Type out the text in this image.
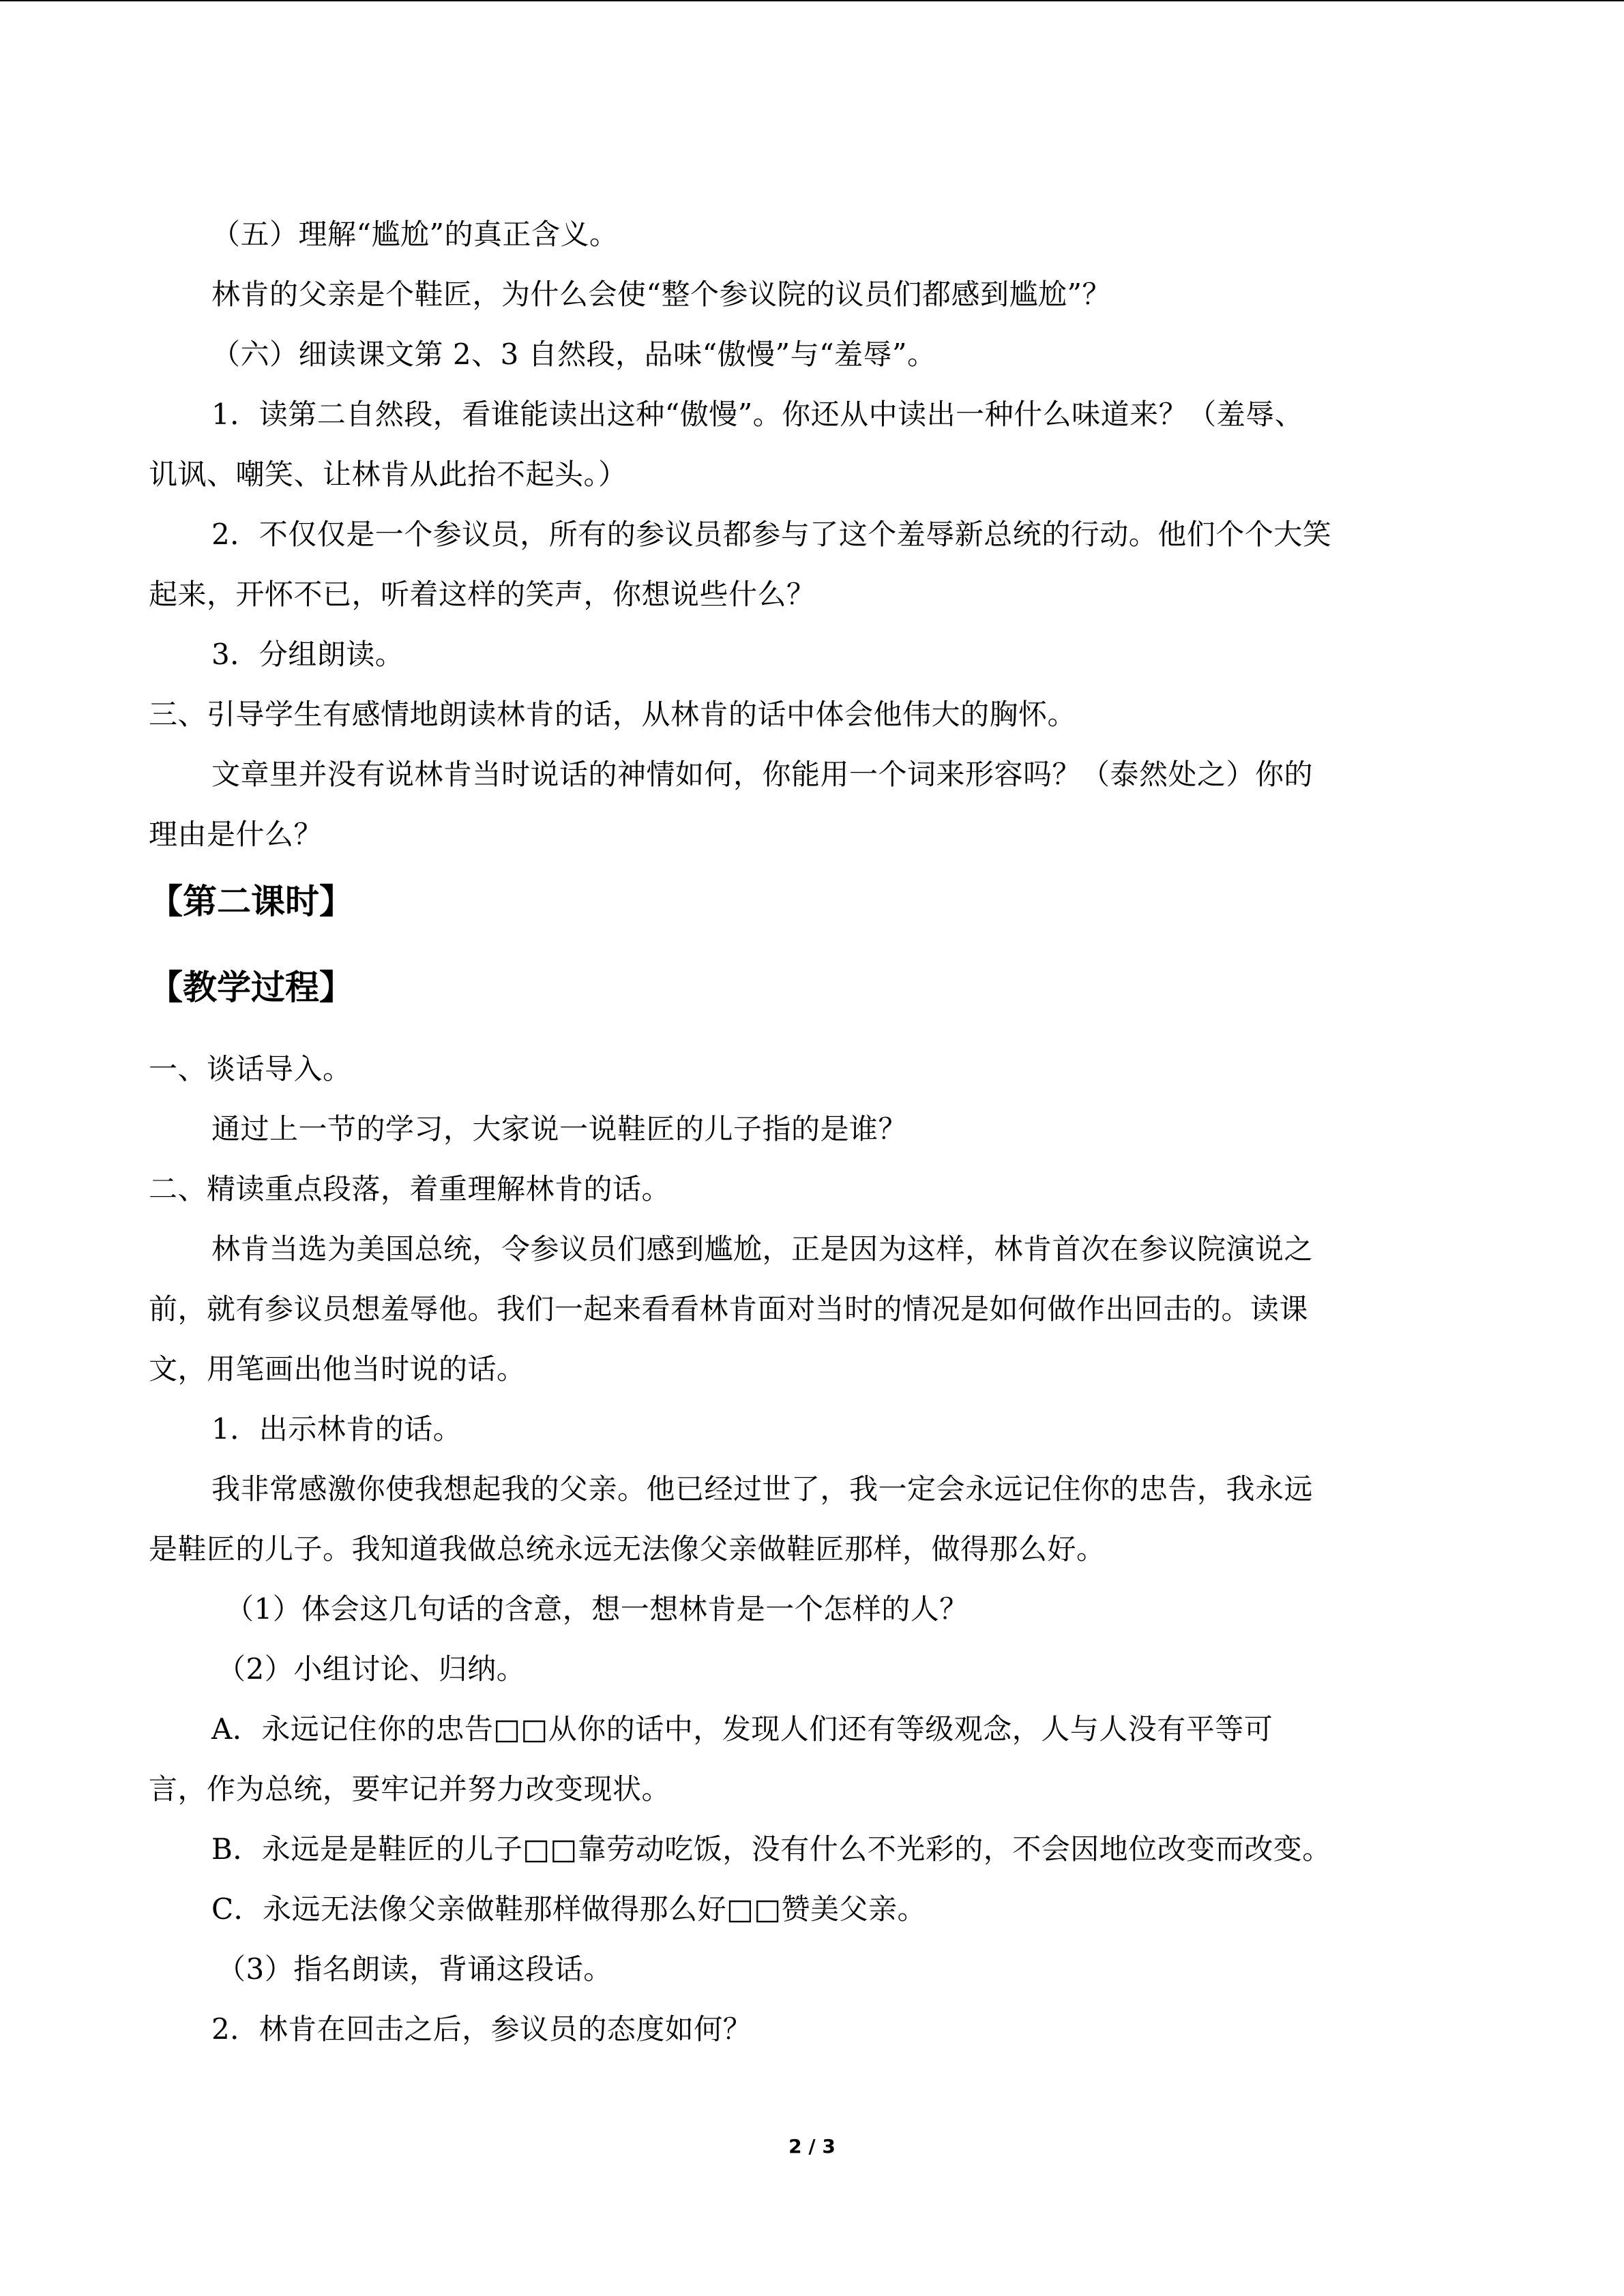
（五）理解“尴尬”的真正含义。
林肯的父亲是个鞋匠，为什么会使“整个参议院的议员们都感到尴尬”？
（六）细读课文第 2、3 自然段，品味“傲慢”与“羞辱”。
1．读第二自然段，看谁能读出这种“傲慢”。你还从中读出一种什么味道来？（羞辱、
讥讽、嘲笑、让林肯从此抬不起头。）
2．不仅仅是一个参议员，所有的参议员都参与了这个羞辱新总统的行动。他们个个大笑
起来，开怀不已，听着这样的笑声，你想说些什么？
3．分组朗读。
三、引导学生有感情地朗读林肯的话，从林肯的话中体会他伟大的胸怀。
文章里并没有说林肯当时说话的神情如何，你能用一个词来形容吗？（泰然处之）你的
理由是什么？
【第二课时】
【教学过程】
一、谈话导入。
通过上一节的学习，大家说一说鞋匠的儿子指的是谁？
二、精读重点段落，着重理解林肯的话。
林肯当选为美国总统，令参议员们感到尴尬，正是因为这样，林肯首次在参议院演说之
前，就有参议员想羞辱他。我们一起来看看林肯面对当时的情况是如何做作出回击的。读课
文，用笔画出他当时说的话。
1．出示林肯的话。
我非常感激你使我想起我的父亲。他已经过世了，我一定会永远记住你的忠告，我永远
是鞋匠的儿子。我知道我做总统永远无法像父亲做鞋匠那样，做得那么好。
（1）体会这几句话的含意，想一想林肯是一个怎样的人？
（2）小组讨论、归纳。
A．永远记住你的忠告□□从你的话中，发现人们还有等级观念，人与人没有平等可
言，作为总统，要牢记并努力改变现状。
B．永远是是鞋匠的儿子□□靠劳动吃饭，没有什么不光彩的，不会因地位改变而改变。
C．永远无法像父亲做鞋那样做得那么好□□赞美父亲。
（3）指名朗读，背诵这段话。
2．林肯在回击之后，参议员的态度如何？
2 / 3
